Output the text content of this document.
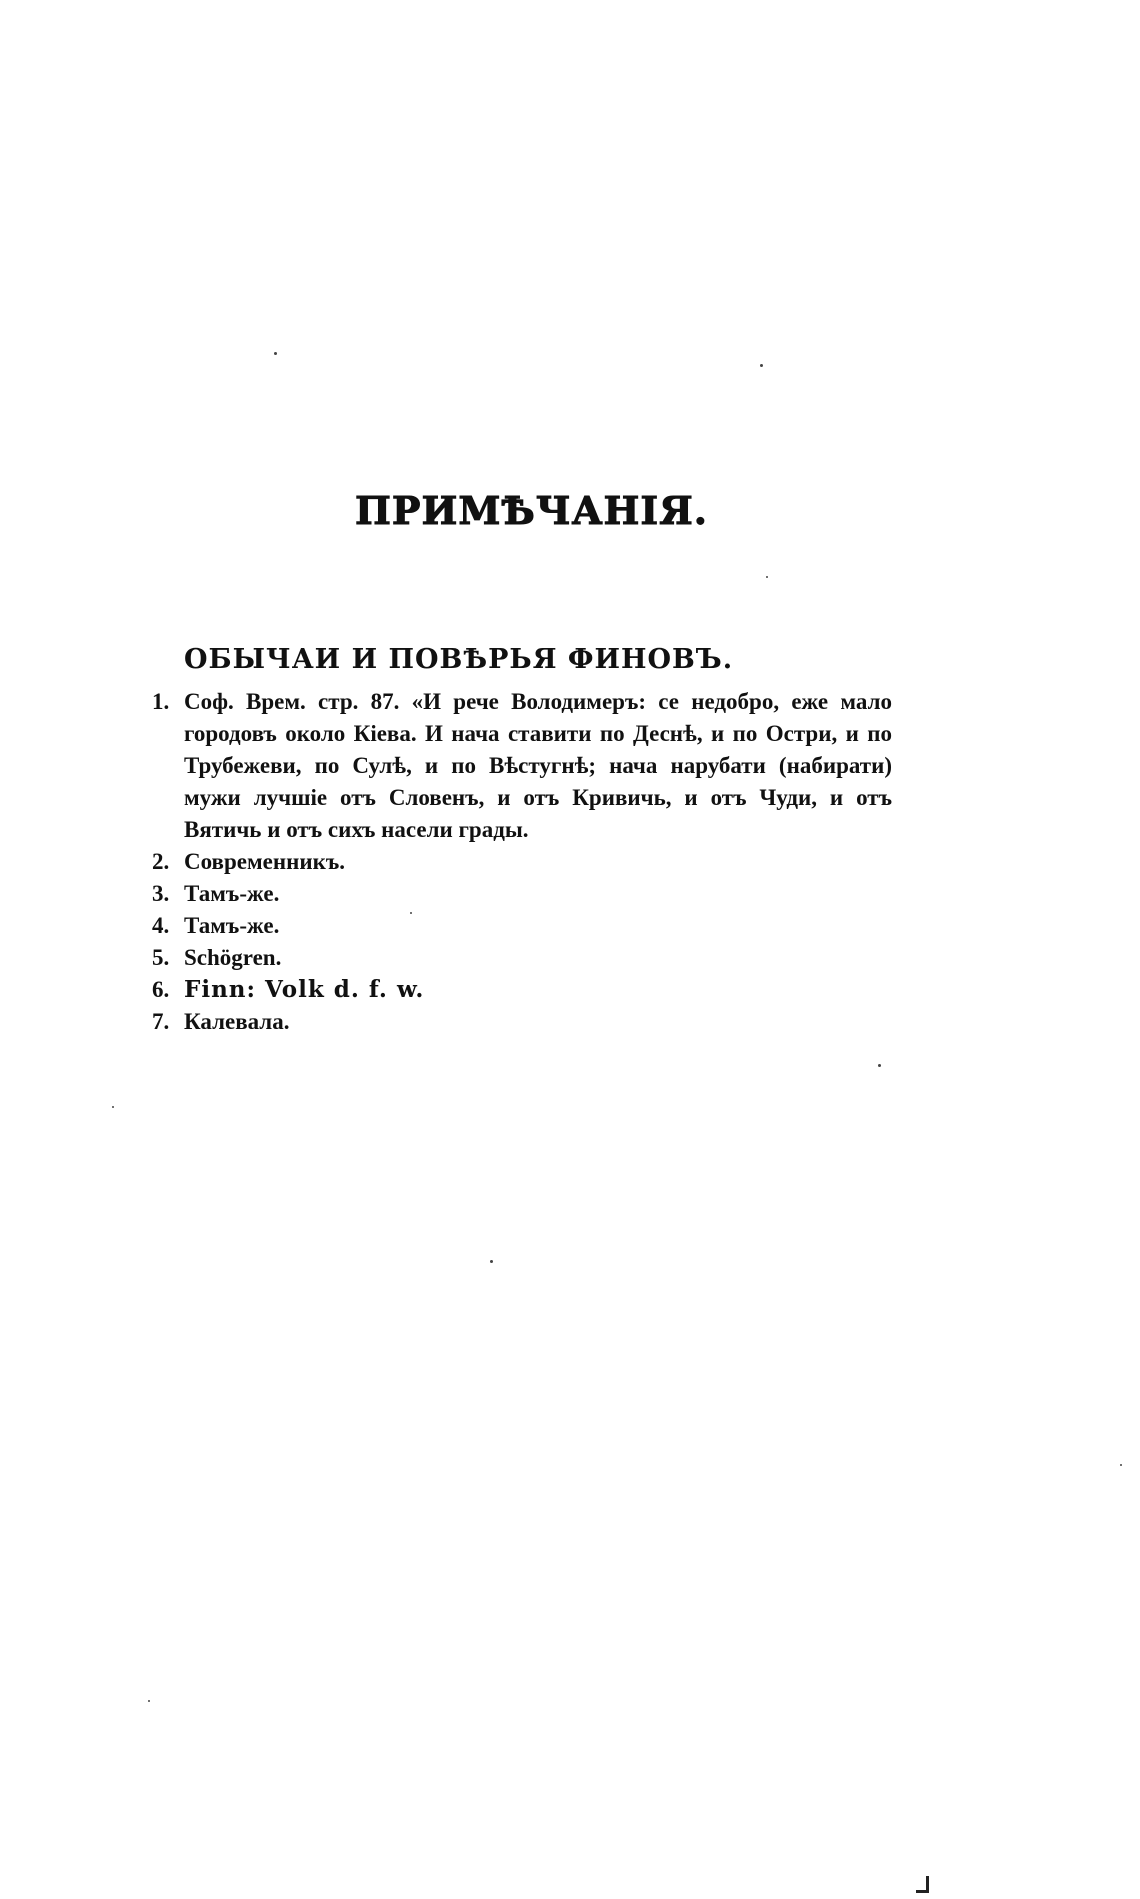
ПРИМѢЧАНІЯ.
ОБЫЧАИ И ПОВѢРЬЯ ФИНОВЪ.
1. Соф. Врем. стр. 87. «И рече Володимеръ: се недобро, еже мало городовъ около Кіева. И нача ставити по Деснѣ, и по Остри, и по Трубежеви, по Сулѣ, и по Вѣстугнѣ; нача нарубати (набирати) мужи лучшіе отъ Словенъ, и отъ Кривичь, и отъ Чуди, и отъ Вятичь и отъ сихъ насели грады.
2. Современникъ.
3. Тамъ-же.
4. Тамъ-же.
5. Schögren.
6. Finn: Volk d. f. w.
7. Калевала.
